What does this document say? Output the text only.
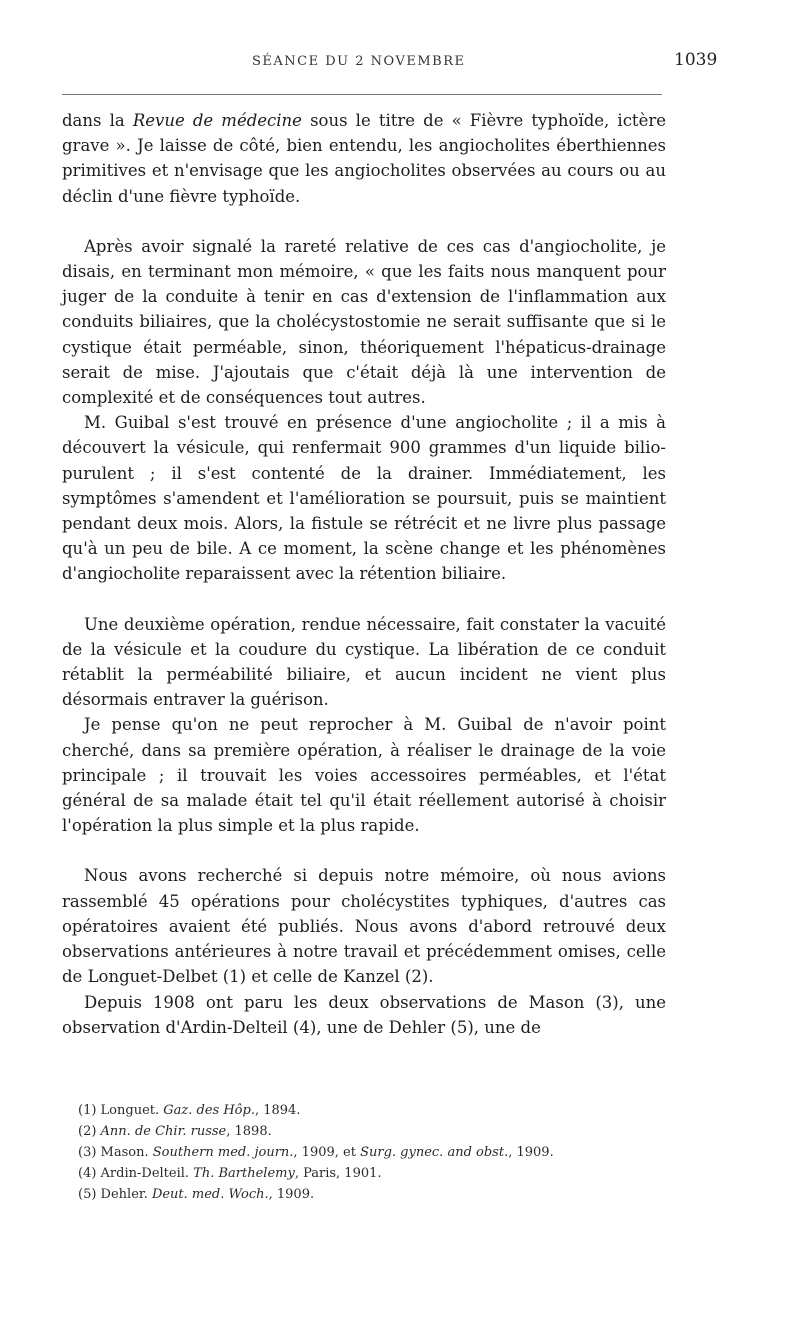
SÉANCE DU 2 NOVEMBRE	1039

dans la Revue de médecine sous le titre de « Fièvre typhoïde, ictère grave ». Je laisse de côté, bien entendu, les angiocholites éberthiennes primitives et n'envisage que les angiocholites observées au cours ou au déclin d'une fièvre typhoïde.

Après avoir signalé la rareté relative de ces cas d'angiocholite, je disais, en terminant mon mémoire, « que les faits nous manquent pour juger de la conduite à tenir en cas d'extension de l'inflammation aux conduits biliaires, que la cholécystostomie ne serait suffisante que si le cystique était perméable, sinon, théoriquement l'hépaticus-drainage serait de mise. J'ajoutais que c'était déjà là une intervention de complexité et de conséquences tout autres.

M. Guibal s'est trouvé en présence d'une angiocholite ; il a mis à découvert la vésicule, qui renfermait 900 grammes d'un liquide bilio-purulent ; il s'est contenté de la drainer. Immédiatement, les symptômes s'amendent et l'amélioration se poursuit, puis se maintient pendant deux mois. Alors, la fistule se rétrécit et ne livre plus passage qu'à un peu de bile. A ce moment, la scène change et les phénomènes d'angiocholite reparaissent avec la rétention biliaire.

Une deuxième opération, rendue nécessaire, fait constater la vacuité de la vésicule et la coudure du cystique. La libération de ce conduit rétablit la perméabilité biliaire, et aucun incident ne vient plus désormais entraver la guérison.

Je pense qu'on ne peut reprocher à M. Guibal de n'avoir point cherché, dans sa première opération, à réaliser le drainage de la voie principale ; il trouvait les voies accessoires perméables, et l'état général de sa malade était tel qu'il était réellement autorisé à choisir l'opération la plus simple et la plus rapide.

Nous avons recherché si depuis notre mémoire, où nous avions rassemblé 45 opérations pour cholécystites typhiques, d'autres cas opératoires avaient été publiés. Nous avons d'abord retrouvé deux observations antérieures à notre travail et précédemment omises, celle de Longuet-Delbet (1) et celle de Kanzel (2).

Depuis 1908 ont paru les deux observations de Mason (3), une observation d'Ardin-Delteil (4), une de Dehler (5), une de

(1) Longuet. Gaz. des Hôp., 1894.
(2) Ann. de Chir. russe, 1898.
(3) Mason. Southern med. journ., 1909, et Surg. gynec. and obst., 1909.
(4) Ardin-Delteil. Th. Barthelemy, Paris, 1901.
(5) Dehler. Deut. med. Woch., 1909.
